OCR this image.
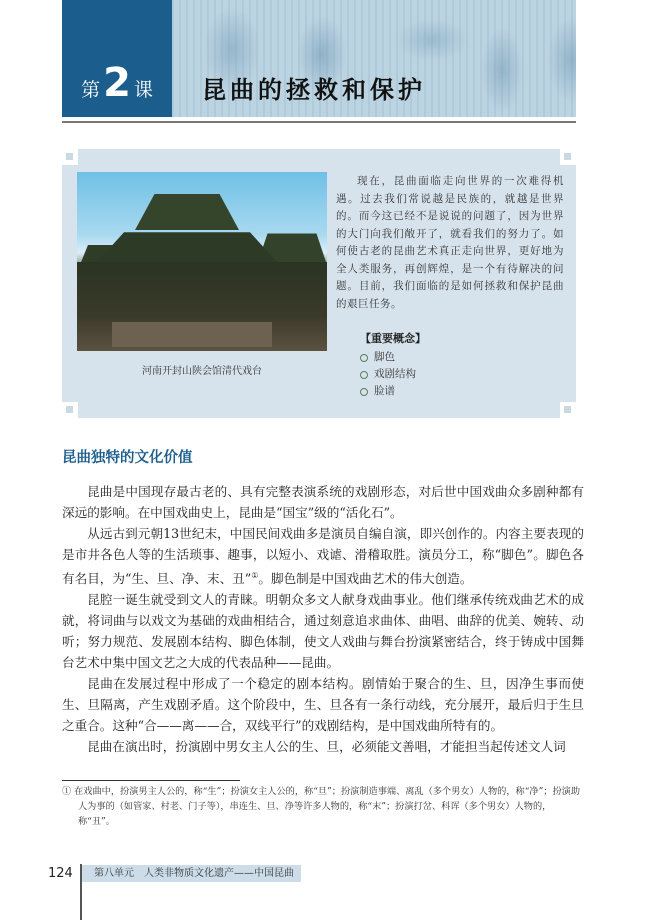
第 2 课 昆曲的拯救和保护
河南开封山陕会馆清代戏台
现在，昆曲面临走向世界的一次难得机遇。过去我们常说越是民族的，就越是世界的。而今这已经不是说说的问题了，因为世界的大门向我们敞开了，就看我们的努力了。如何使古老的昆曲艺术真正走向世界，更好地为全人类服务，再创辉煌，是一个有待解决的问题。目前，我们面临的是如何拯救和保护昆曲的艰巨任务。
【重要概念】
脚色
戏剧结构
脸谱
昆曲独特的文化价值

昆曲是中国现存最古老的、具有完整表演系统的戏剧形态，对后世中国戏曲众多剧种都有深远的影响。在中国戏曲史上，昆曲是“国宝”级的“活化石”。

从远古到元朝13世纪末，中国民间戏曲多是演员自编自演，即兴创作的。内容主要表现的是市井各色人等的生活琐事、趣事，以短小、戏谑、滑稽取胜。演员分工，称“脚色”。脚色各有名目，为“生、旦、净、末、丑”①。脚色制是中国戏曲艺术的伟大创造。

昆腔一诞生就受到文人的青睐。明朝众多文人献身戏曲事业。他们继承传统戏曲艺术的成就，将词曲与以戏文为基础的戏曲相结合，通过刻意追求曲体、曲唱、曲辞的优美、婉转、动听；努力规范、发展剧本结构、脚色体制，使文人戏曲与舞台扮演紧密结合，终于铸成中国舞台艺术中集中国文艺之大成的代表品种——昆曲。

昆曲在发展过程中形成了一个稳定的剧本结构。剧情始于聚合的生、旦，因净生事而使生、旦隔离，产生戏剧矛盾。这个阶段中，生、旦各有一条行动线，充分展开，最后归于生旦之重合。这种“合——离——合，双线平行”的戏剧结构，是中国戏曲所特有的。

昆曲在演出时，扮演剧中男女主人公的生、旦，必须能文善唱，才能担当起传述文人词

① 在戏曲中，扮演男主人公的，称“生”；扮演女主人公的，称“旦”；扮演制造事端、离乱（多个男女）人物的，称“净”；扮演助人为事的（如管家、村老、门子等），串连生、旦、净等许多人物的，称“末”；扮演打岔、科诨（多个男女）人物的，称“丑”。
124	第八单元　人类非物质文化遗产——中国昆曲
